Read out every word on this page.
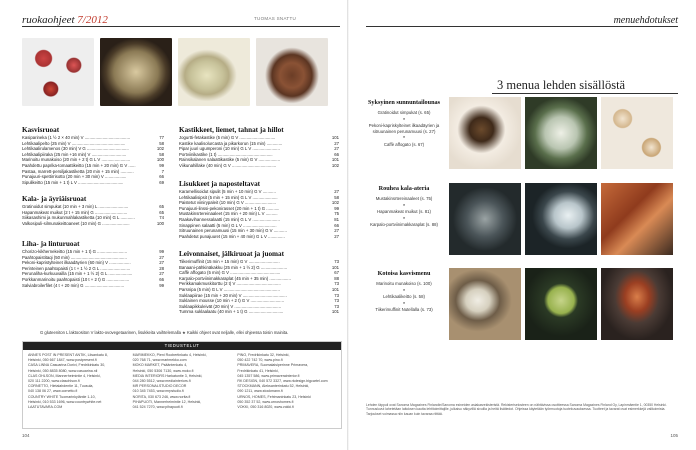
ruokaohjeet 7/2012
Kasvisruoat
Kasiparineka (1 ½ 2 × 40 min) V ......................................	77
Lehtikaalipelto (25 min) V .............................................	58
Lehtikaalirulamenos (30 min) V G ...................................	102
Lehtikaalipiiraka (25 min +16 min) V .............................	58
Marinoitu munakoiso (20 min + 2 t) G L V ........................	100
Paahdettu paprika-tomaattikeitto (15 min + 20 min) G V ......	99
Pastaa, marrett-persiljakastiketta (20 min + 15 min) ...........	7
Punajuuri-spettirrisotto (20 min + 30 min) V ..................	66
Sipulikeitto (15 min + 1 t) L V ......................................	69
Kala- ja äyriäisruoat
Gratinoidut simpukat (10 min + 3 min) L .........................	65
Hapanmakeat muikut (2 t + 15 min) G ...........................	65
Siikasashimi ja mukunmahlakastiketta (10 min) G L ............	74
Valkosipuli-silmunakeittoaneet (10 min) G .......................	100
Liha- ja linturuoat
Chorizo-kikhernekeitto (15 min + 1 t) G .........................	99
Paahtopaistitaqi (50 min) ...............................................	27
Pekoni-kapristylteinet ilkaadäyrien (60 min) V ..................	27
Perinteinen paahtopaisti (1 t + 1 ½ 2 G L .........................	28
Perunaliha-kurkuuvailla (15 min + 1 ½ 2) G L ....................	27
Porkkanmarinoitu paahtopaisti (10 t + 2 t) G ...................	66
Salviabroilerfilet (4 t + 20 min) G .................................	99
Kastikkeet, liemet, tahnat ja hillot
Jogurtti-fetakastike (5 min) G V ..............................	101
Kastike kaalisolurcasta ja pikarkorun (15 min) .............	27
Pipar juuri ugumperoni (10 min) G L V .......................	27
Portviinikastike (1 t) ..............................................	66
Rainsikalanen salaattikastike (5 min) G V ..................	101
Viikunahillake (40 min) G V .....................................	102
Lisukkeet ja naposteltavat
Karamellisoidut sipulit (5 min + 10 min) G V ...........	27
Lehtikaalisipsit (5 min + 15 min) G L V .....................	58
Paistetut viinirypaleit (10 min) G V ..........................	102
Punajuuri-linssi-pekonirasset (20 min + 1 t) G ...........	99
Mustakinsrtereinaaleet (15 min + 20 min) L V ..........	75
Raakavihannessalaatti (15 min) G L V .......................	81
Sinappinen salaatti (5 min) G L V ............................	66
Sitruunainen perunamuusi (15 min + 30 min) G V ...........	27
Paahdetut punajuuret (15 min + 40 min) G L V ..............	27
Leivonnaiset, jälkiruoat ja juomat
Tiikerimuffinit (15 min + 15 min) G V ..........................	73
Banaani-pähkinäkakku (25 min + 1 ½ 2) G ......................	101
Caffè affogato (5 min) G V ..........................................	67
Karpalo-portviinimakkaraplat (45 min + 35 min) ..................	88
Perikkamakmuskitorttu (2 t) V .....................................	73
Parsnipa (5 min) G L V ...............................................	101
Suklaapiirae (15 min + 20 min) V .....................................	73
Suklainen mousse (10 min + 2 t) G V ............................	73
Suklaapikkuleivät (20 min) V .......................................	73
Tumma suklaalaatu (40 min + 1 t) G .............................	101
G gluteeniton L laktoositon V lakto-ovovegetaarinen, lisukkeita vaihtelemalla ★ Kaikki ohjeet ovat neljalle, ellei ohjeessa toisin mainita.
TIEDUSTELUT
ANNE'S POST IN PRESENT ANTIK, Liisankatu 8,
Helsinki, 050 667 1847, www.postpresent.fi
CASA LINNA Casuarina Dorivi, Fredrikinkatu 30,
Helsinki, 050 8835 8080, www.casuarina.nil
CLAS OHLSON, Mannerheimintie 4, Helsinki,
020 111 2200, www.clasohlson.fi
CORNETTO, Hietalahdentie 11, Tuusula,
040 138 06 27, www.cornetto.fi
COUNTRY WHITE Tuomarinkyläntie 1-10,
Helsinki, 010 533 1696, www.countrywhite.net
LAATUTAVARA.COM
MARIMEKKO, Pieni Roobertinkatu 4, Helsinki,
020 768 71, www.marimekko.com
MOKO MARKET, Psääntenkatu 4,
Helsinki, 050 5306 7130, www.moko.fi
MEDIA INTERIORS Harkatuntie 3, Helsinki,
044 280 5512, www.mediainteriors.fi
MR PERSONALSTUDIO DECOR
010 345 7453, www.mrpstudio.fi
NORITA, 030 673 246, www.norita.fi
PIHAPUOTI, Mannerheimintie 12, Helsinki,
041 524 7270, www.pihapuoti.fi
PINO, Fredrikinkatu 32, Helsinki,
050 422 742 70, www.pino.fi
PRIMAVERA, Suomalaisiperinne Primavera,
Fredrikinkatu 41, Helsinki,
045 1357 586, www.primaverainterior.fi
RK DESIGN, 040 572 3327, www.rkdesign.bigcartel.com
STOCKMANN, Aleksanterinkatu 52, Helsinki,
090 1211, www.stockmann.fi
URNOS, HOMES, Fehtmaninkatu 23, Helsinki
050 352 37 52, www.urnoshomes.fi
VOKKI, 050 316 8020, www.vokki.fi
104
TUOMAS SNATTU	menuehdotukset
3 menua lehden sisällöstä
Syksyinen sunnuntailounas
Gratinoidut simpukat (s. 65)
●
Pekoni-kapriskylteinet ilkaadäyrien ja sitruunainen perunamuusi (s. 27)
●
Caffè affogato (s. 67)
Rouhea kala-ateria
Mustakinsrtereinaaleet (s. 75)
●
Hapanmakeat muikut (s. 81)
●
Karpalo-portviinimakkaraplat (s. 88)
Kotoisa kasvismenu
Marinoitu munakoiso (s. 100)
●
Lehtikaalikeitto (s. 58)
●
Tiikerimuffinit Nutellalla (s. 73)
Lehden täppuli ovat Sanoma Magazines Finlandin/Sanoma esineiden asiakasrekisteristä. Rekisteriselosteen on nähtävissa osoitteessa Sanoma Magazines Finland Oy, Lapinmäentie 1, 00350 Helsinki. Tunnusluvut lahetetäan laitoksen kautta lehtitoimittajille, julkaisu näkyvillä sivuilla ja heitä lisätiedot. Ohjeissa käytetään työrmuotoja tuotekuvauksessa. Tuotteet ja tavarat ovat esimerkkejä valikoimista. Tarjoukset voimassa niin kauan kuin tavaraa riittää.
105
